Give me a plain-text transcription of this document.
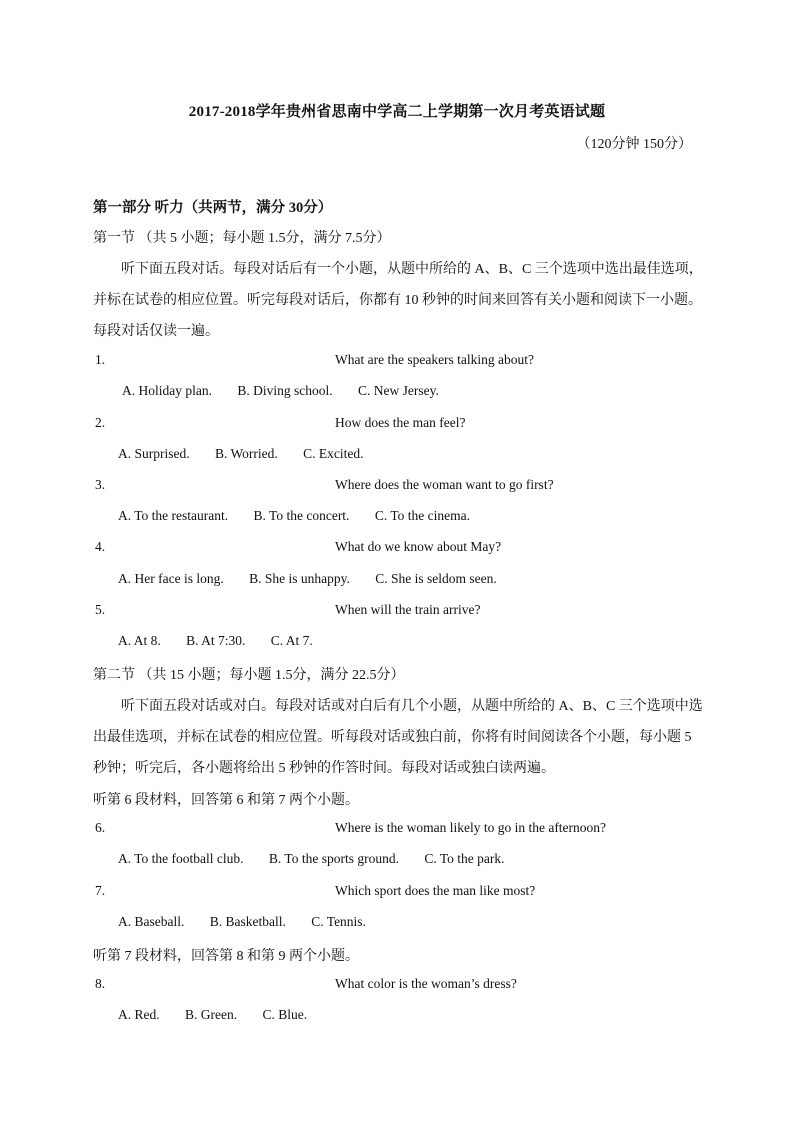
2017-2018学年贵州省思南中学高二上学期第一次月考英语试题
（120分钟 150分）
第一部分 听力（共两节，满分 30分）
第一节 （共 5 小题；每小题 1.5分，满分 7.5分）
听下面五段对话。每段对话后有一个小题，从题中所给的 A、B、C 三个选项中选出最佳选项，
并标在试卷的相应位置。听完每段对话后，你都有 10 秒钟的时间来回答有关小题和阅读下一小题。
每段对话仅读一遍。
1.	What are the speakers talking about?
A. Holiday plan. B. Diving school. C. New Jersey.
2.	How does the man feel?
A. Surprised. B. Worried. C. Excited.
3.	Where does the woman want to go first?
A. To the restaurant. B. To the concert. C. To the cinema.
4.	What do we know about May?
A. Her face is long. B. She is unhappy. C. She is seldom seen.
5.	When will the train arrive?
A. At 8. B. At 7:30. C. At 7.
第二节 （共 15 小题；每小题 1.5分，满分 22.5分）
听下面五段对话或对白。每段对话或对白后有几个小题，从题中所给的 A、B、C 三个选项中选
出最佳选项，并标在试卷的相应位置。听每段对话或独白前，你将有时间阅读各个小题，每小题 5
秒钟；听完后，各小题将给出 5 秒钟的作答时间。每段对话或独白读两遍。
听第 6 段材料，回答第 6 和第 7 两个小题。
6.	Where is the woman likely to go in the afternoon?
A. To the football club. B. To the sports ground. C. To the park.
7.	Which sport does the man like most?
A. Baseball. B. Basketball. C. Tennis.
听第 7 段材料，回答第 8 和第 9 两个小题。
8.	What color is the woman’s dress?
A. Red. B. Green. C. Blue.
